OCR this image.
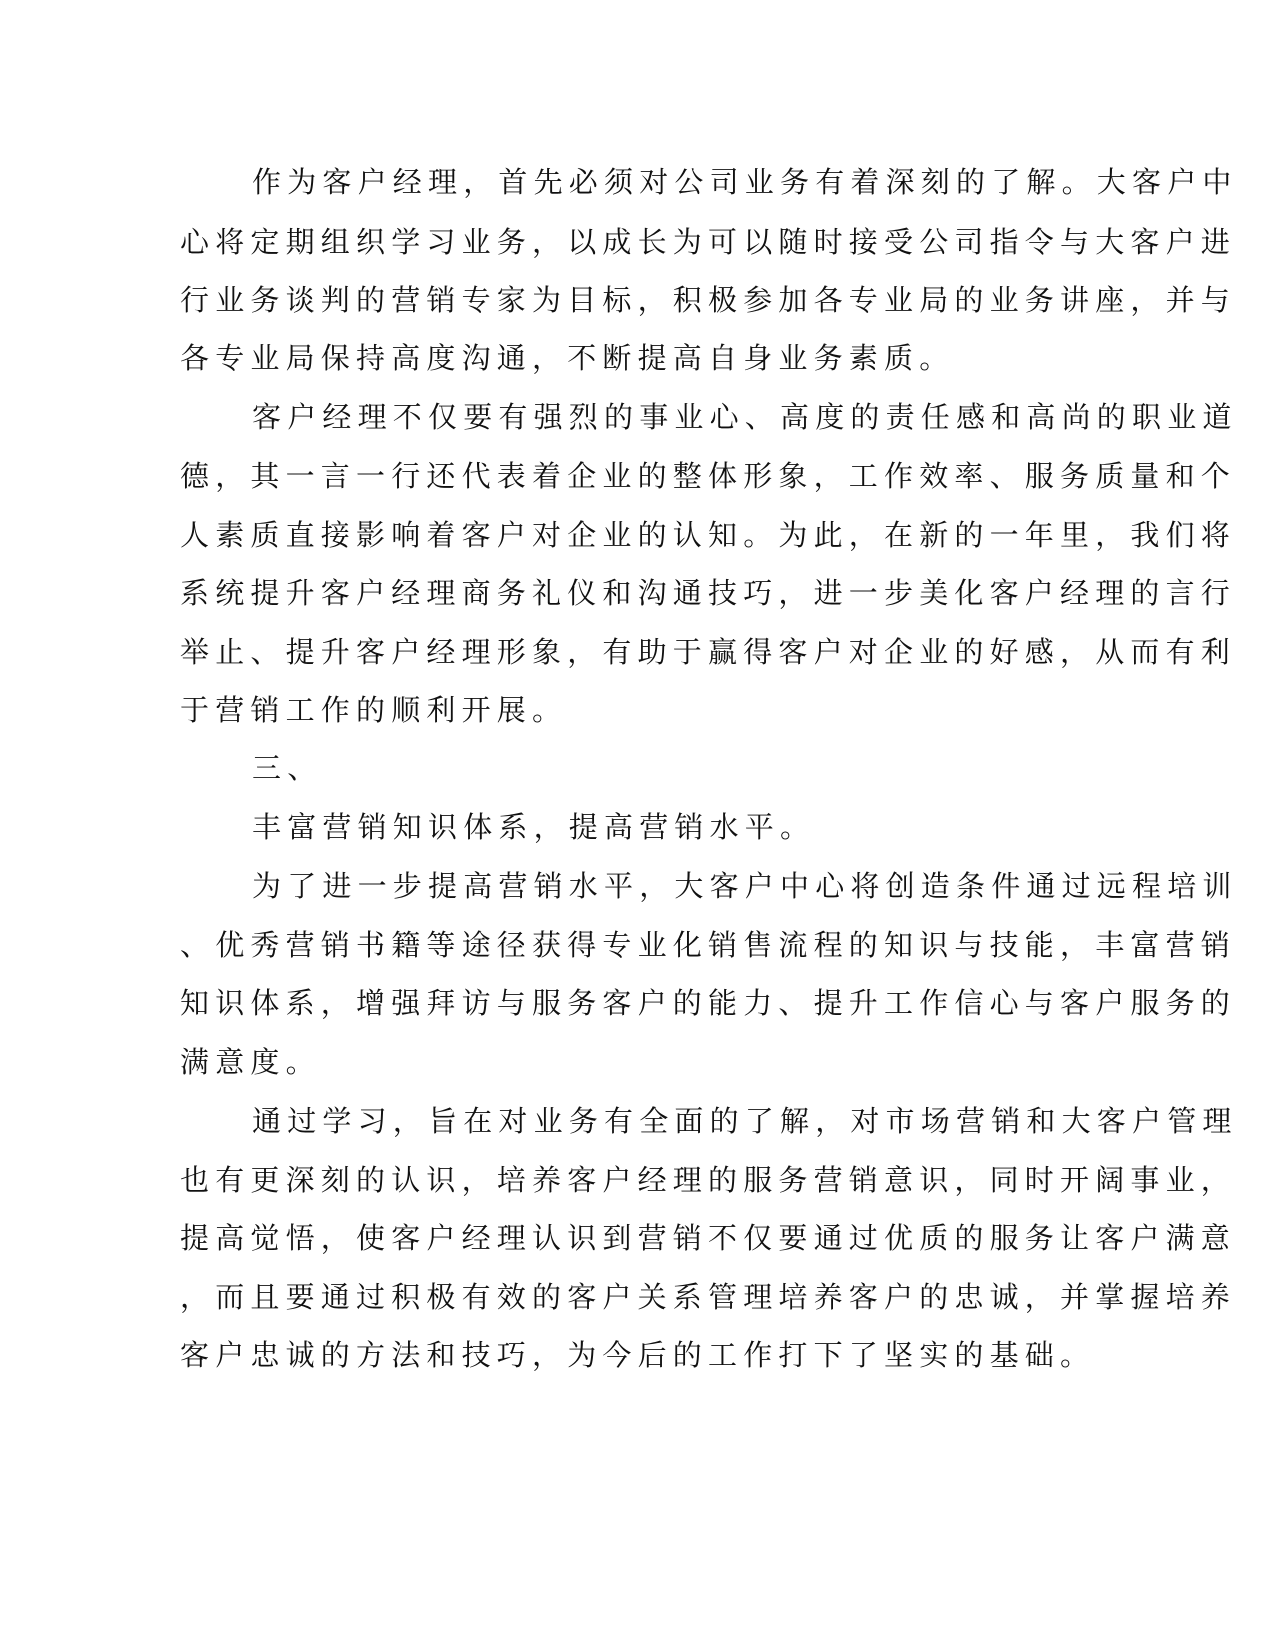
作为客户经理，首先必须对公司业务有着深刻的了解。大客户中
心将定期组织学习业务，以成长为可以随时接受公司指令与大客户进
行业务谈判的营销专家为目标，积极参加各专业局的业务讲座，并与
各专业局保持高度沟通，不断提高自身业务素质。
客户经理不仅要有强烈的事业心、高度的责任感和高尚的职业道
德，其一言一行还代表着企业的整体形象，工作效率、服务质量和个
人素质直接影响着客户对企业的认知。为此，在新的一年里，我们将
系统提升客户经理商务礼仪和沟通技巧，进一步美化客户经理的言行
举止、提升客户经理形象，有助于赢得客户对企业的好感，从而有利
于营销工作的顺利开展。
三、
丰富营销知识体系，提高营销水平。
为了进一步提高营销水平，大客户中心将创造条件通过远程培训
、优秀营销书籍等途径获得专业化销售流程的知识与技能，丰富营销
知识体系，增强拜访与服务客户的能力、提升工作信心与客户服务的
满意度。
通过学习，旨在对业务有全面的了解，对市场营销和大客户管理
也有更深刻的认识，培养客户经理的服务营销意识，同时开阔事业，
提高觉悟，使客户经理认识到营销不仅要通过优质的服务让客户满意
，而且要通过积极有效的客户关系管理培养客户的忠诚，并掌握培养
客户忠诚的方法和技巧，为今后的工作打下了坚实的基础。
